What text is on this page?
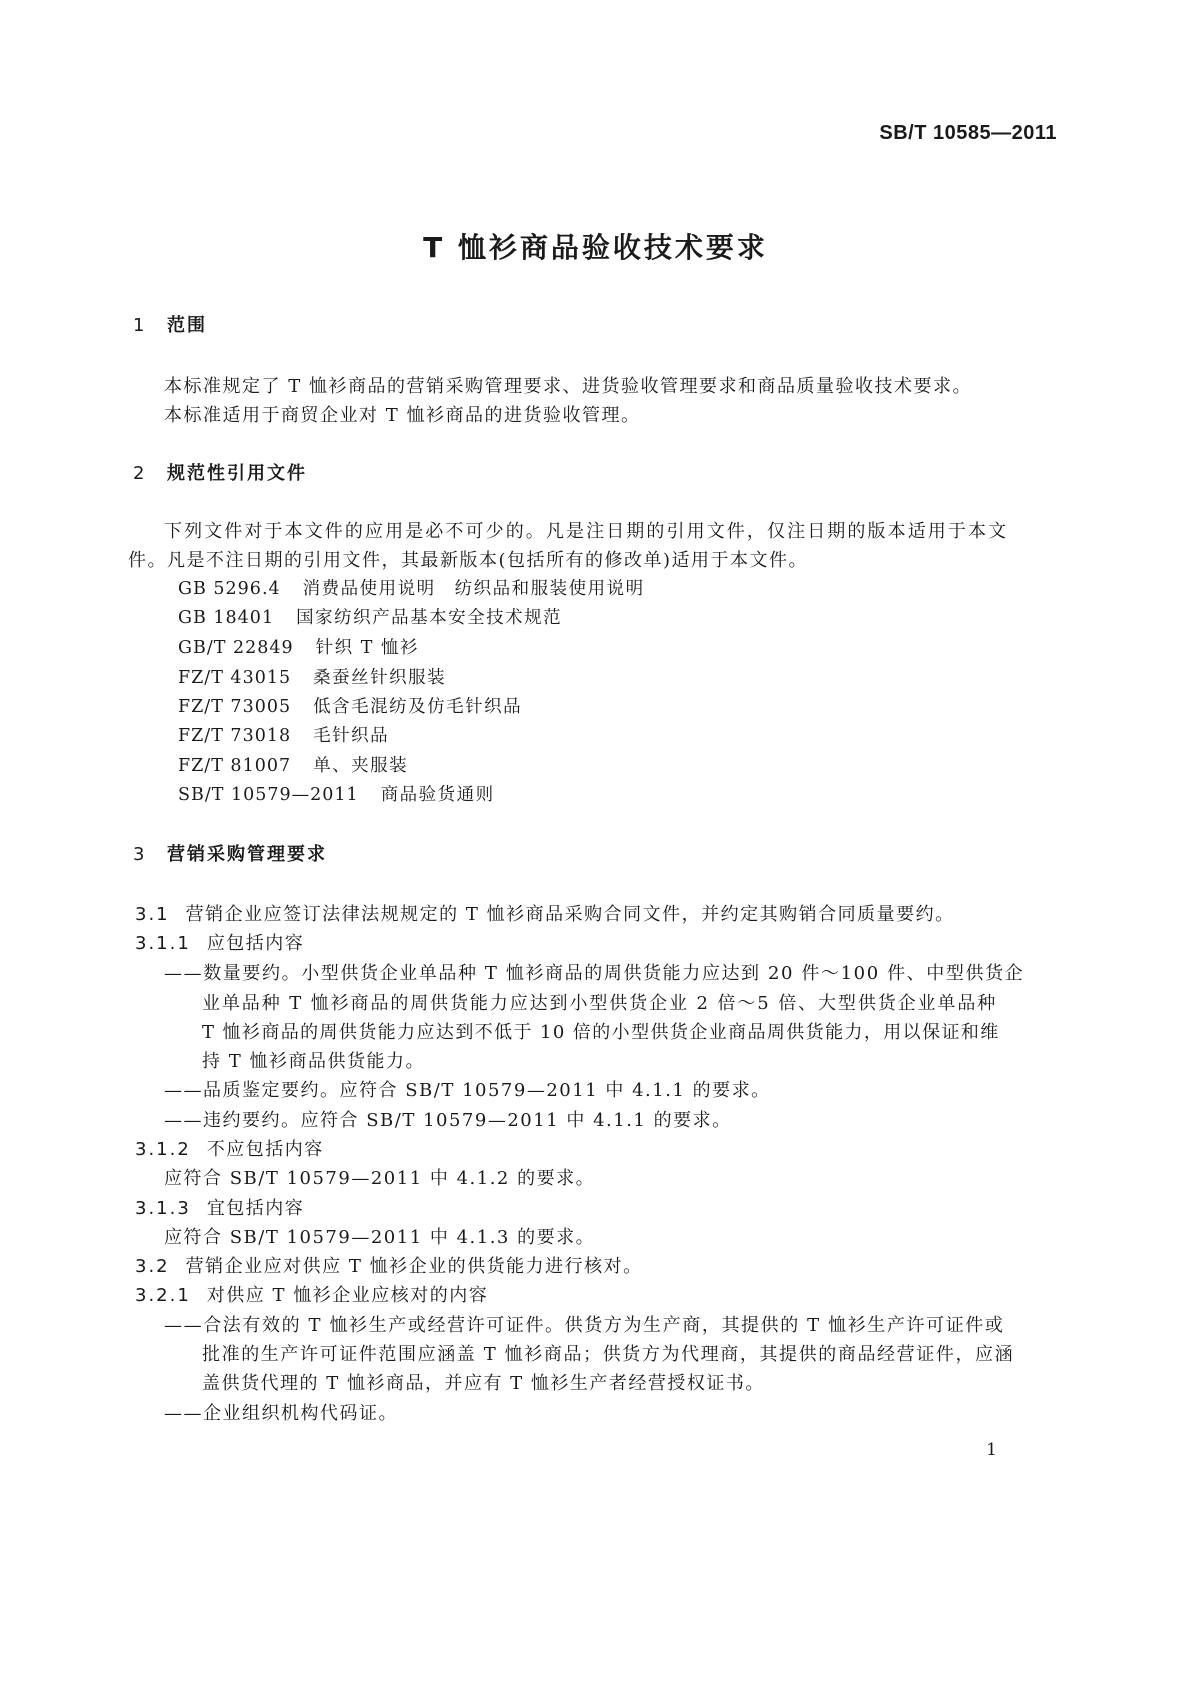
SB/T 10585—2011
T 恤衫商品验收技术要求
1 范围
本标准规定了 T 恤衫商品的营销采购管理要求、进货验收管理要求和商品质量验收技术要求。
本标准适用于商贸企业对 T 恤衫商品的进货验收管理。
2 规范性引用文件
下列文件对于本文件的应用是必不可少的。凡是注日期的引用文件，仅注日期的版本适用于本文
件。凡是不注日期的引用文件，其最新版本(包括所有的修改单)适用于本文件。
GB 5296.4 消费品使用说明　纺织品和服装使用说明
GB 18401 国家纺织产品基本安全技术规范
GB/T 22849 针织 T 恤衫
FZ/T 43015 桑蚕丝针织服装
FZ/T 73005 低含毛混纺及仿毛针织品
FZ/T 73018 毛针织品
FZ/T 81007 单、夹服装
SB/T 10579—2011 商品验货通则
3 营销采购管理要求
3.1 营销企业应签订法律法规规定的 T 恤衫商品采购合同文件，并约定其购销合同质量要约。
3.1.1 应包括内容
——数量要约。小型供货企业单品种 T 恤衫商品的周供货能力应达到 20 件～100 件、中型供货企
业单品种 T 恤衫商品的周供货能力应达到小型供货企业 2 倍～5 倍、大型供货企业单品种
T 恤衫商品的周供货能力应达到不低于 10 倍的小型供货企业商品周供货能力，用以保证和维
持 T 恤衫商品供货能力。
——品质鉴定要约。应符合 SB/T 10579—2011 中 4.1.1 的要求。
——违约要约。应符合 SB/T 10579—2011 中 4.1.1 的要求。
3.1.2 不应包括内容
应符合 SB/T 10579—2011 中 4.1.2 的要求。
3.1.3 宜包括内容
应符合 SB/T 10579—2011 中 4.1.3 的要求。
3.2 营销企业应对供应 T 恤衫企业的供货能力进行核对。
3.2.1 对供应 T 恤衫企业应核对的内容
——合法有效的 T 恤衫生产或经营许可证件。供货方为生产商，其提供的 T 恤衫生产许可证件或
批准的生产许可证件范围应涵盖 T 恤衫商品；供货方为代理商，其提供的商品经营证件，应涵
盖供货代理的 T 恤衫商品，并应有 T 恤衫生产者经营授权证书。
——企业组织机构代码证。
1
